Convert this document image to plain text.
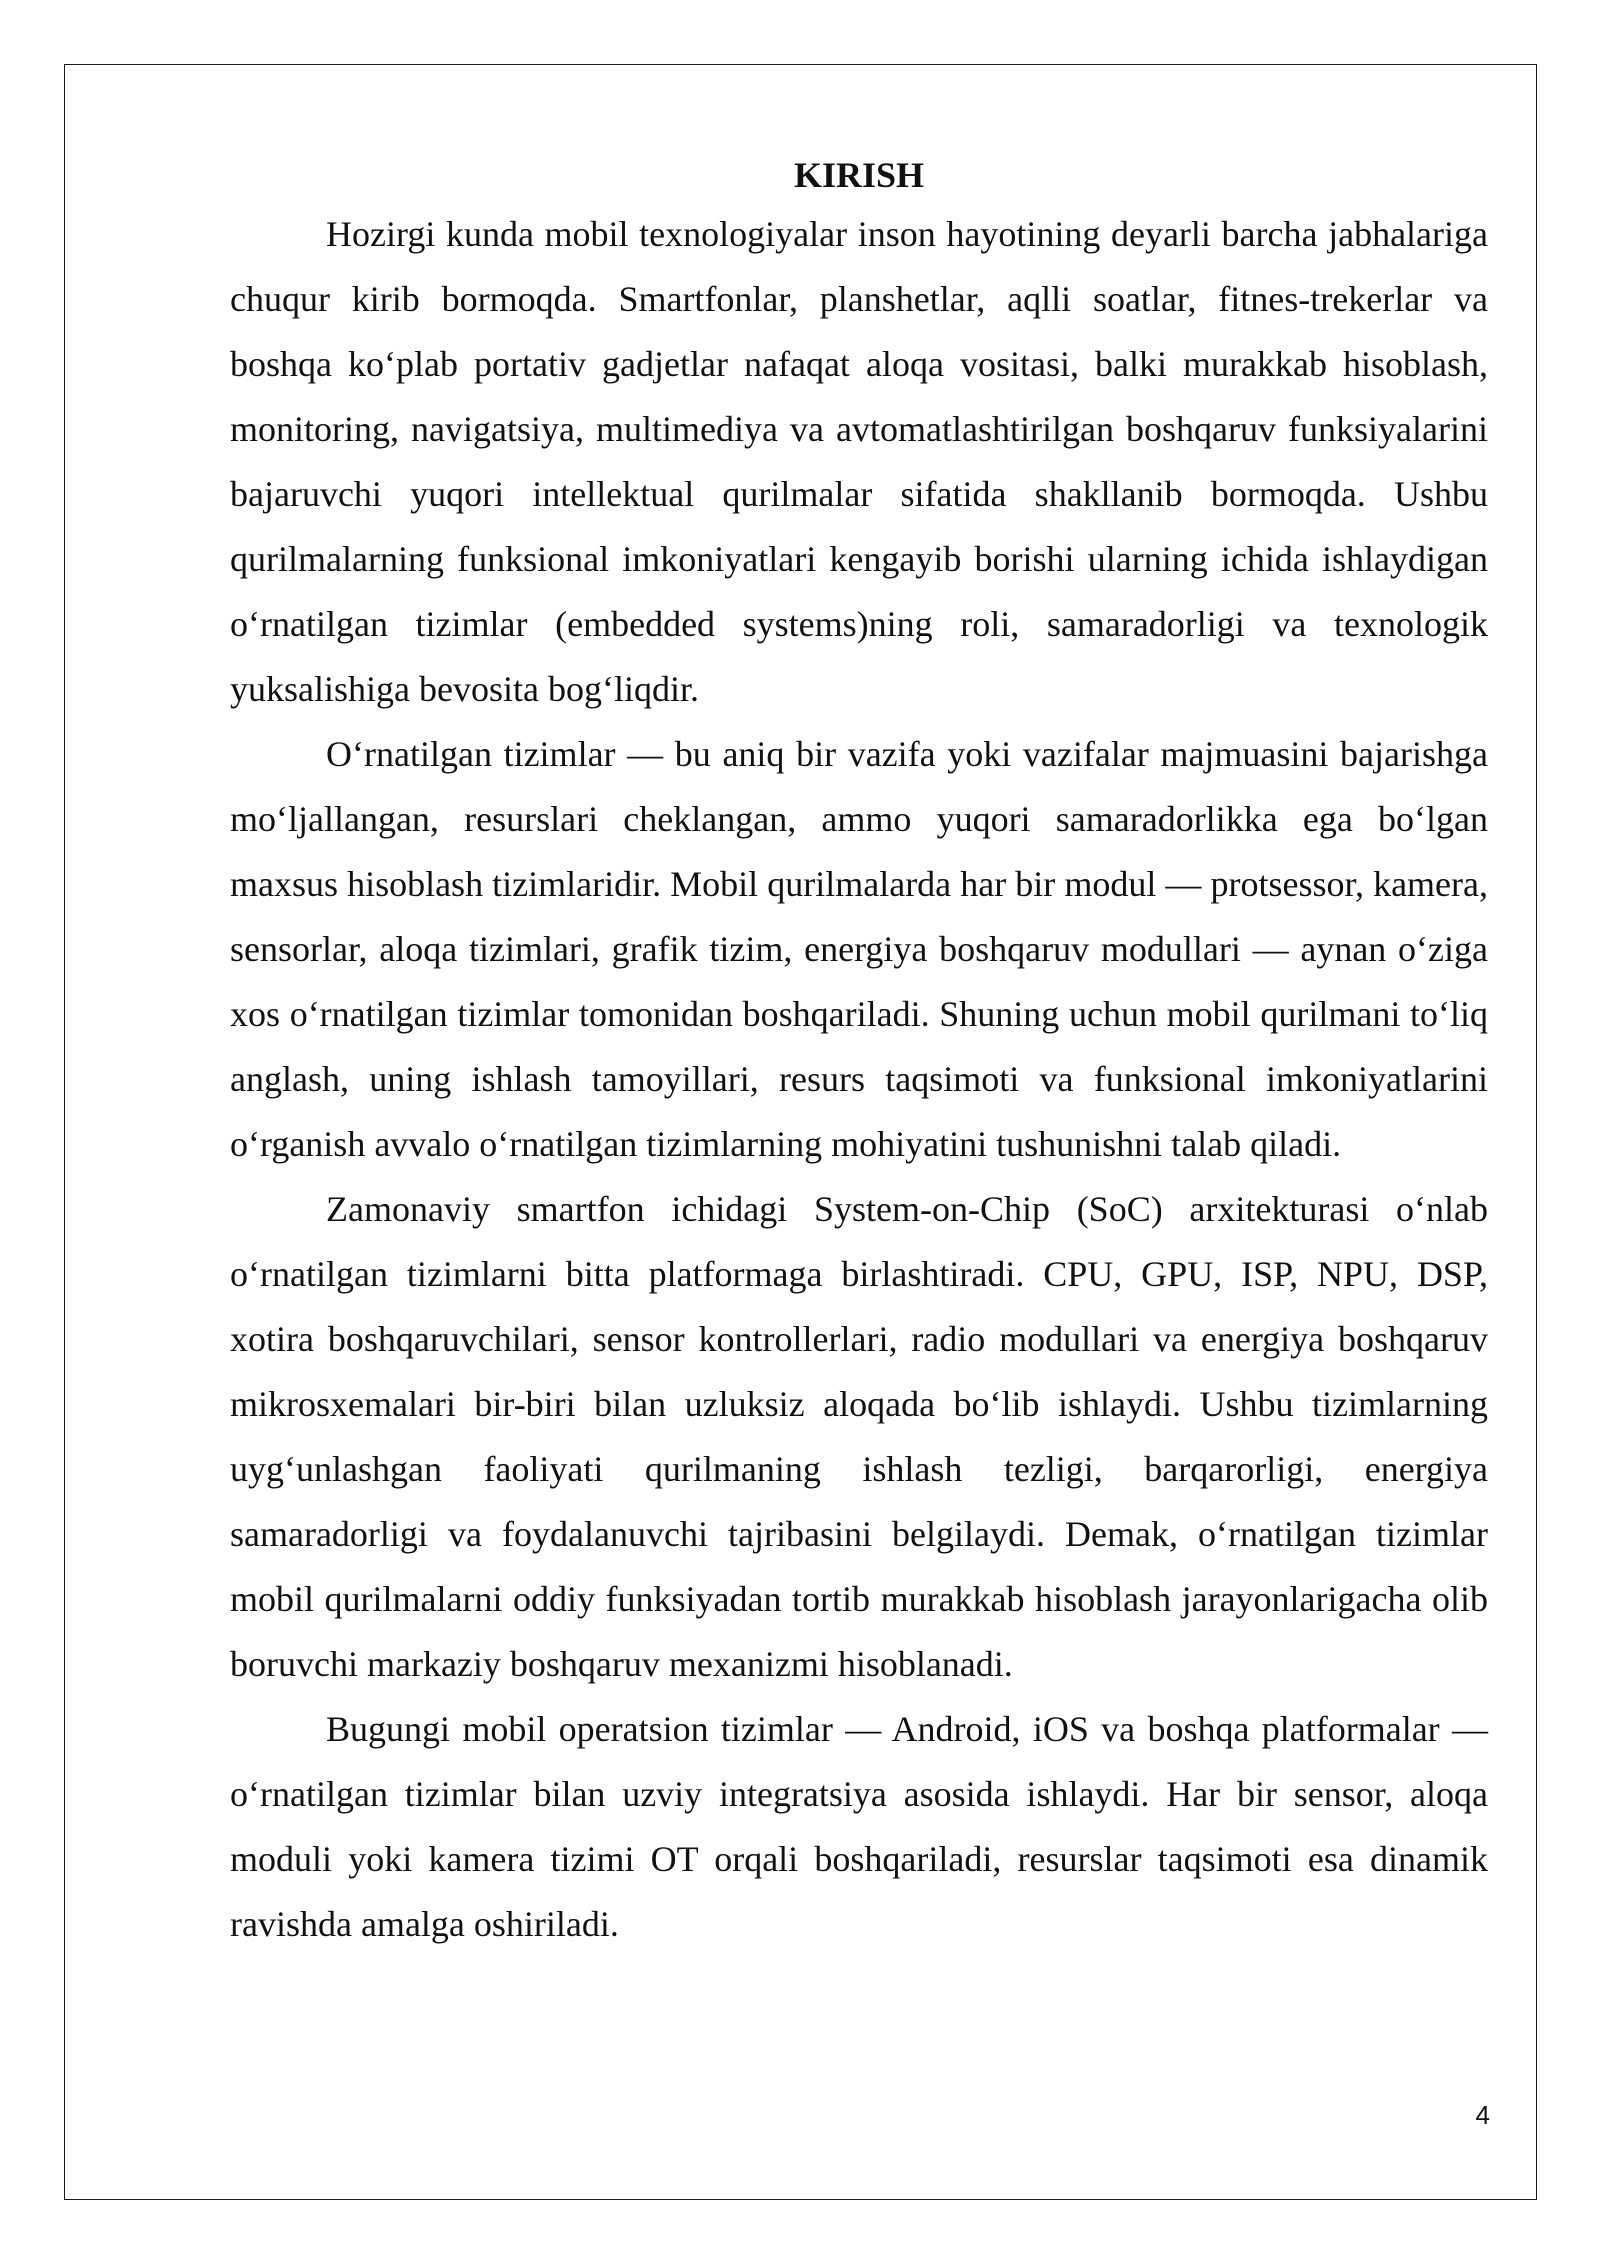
KIRISH

Hozirgi kunda mobil texnologiyalar inson hayotining deyarli barcha jabhalariga chuqur kirib bormoqda. Smartfonlar, planshetlar, aqlli soatlar, fitnes-trekerlar va boshqa ko‘plab portativ gadjetlar nafaqat aloqa vositasi, balki murakkab hisoblash, monitoring, navigatsiya, multimediya va avtomatlashtirilgan boshqaruv funksiyalarini bajaruvchi yuqori intellektual qurilmalar sifatida shakllanib bormoqda. Ushbu qurilmalarning funksional imkoniyatlari kengayib borishi ularning ichida ishlaydigan o‘rnatilgan tizimlar (embedded systems)ning roli, samaradorligi va texnologik yuksalishiga bevosita bog‘liqdir.

O‘rnatilgan tizimlar — bu aniq bir vazifa yoki vazifalar majmuasini bajarishga mo‘ljallangan, resurslari cheklangan, ammo yuqori samaradorlikka ega bo‘lgan maxsus hisoblash tizimlaridir. Mobil qurilmalarda har bir modul — protsessor, kamera, sensorlar, aloqa tizimlari, grafik tizim, energiya boshqaruv modullari — aynan o‘ziga xos o‘rnatilgan tizimlar tomonidan boshqariladi. Shuning uchun mobil qurilmani to‘liq anglash, uning ishlash tamoyillari, resurs taqsimoti va funksional imkoniyatlarini o‘rganish avvalo o‘rnatilgan tizimlarning mohiyatini tushunishni talab qiladi.

Zamonaviy smartfon ichidagi System-on-Chip (SoC) arxitekturasi o‘nlab o‘rnatilgan tizimlarni bitta platformaga birlashtiradi. CPU, GPU, ISP, NPU, DSP, xotira boshqaruvchilari, sensor kontrollerlari, radio modullari va energiya boshqaruv mikrosxemalari bir-biri bilan uzluksiz aloqada bo‘lib ishlaydi. Ushbu tizimlarning uyg‘unlashgan faoliyati qurilmaning ishlash tezligi, barqarorligi, energiya samaradorligi va foydalanuvchi tajribasini belgilaydi. Demak, o‘rnatilgan tizimlar mobil qurilmalarni oddiy funksiyadan tortib murakkab hisoblash jarayonlarigacha olib boruvchi markaziy boshqaruv mexanizmi hisoblanadi.

Bugungi mobil operatsion tizimlar — Android, iOS va boshqa platformalar — o‘rnatilgan tizimlar bilan uzviy integratsiya asosida ishlaydi. Har bir sensor, aloqa moduli yoki kamera tizimi OT orqali boshqariladi, resurslar taqsimoti esa dinamik ravishda amalga oshiriladi.

4
